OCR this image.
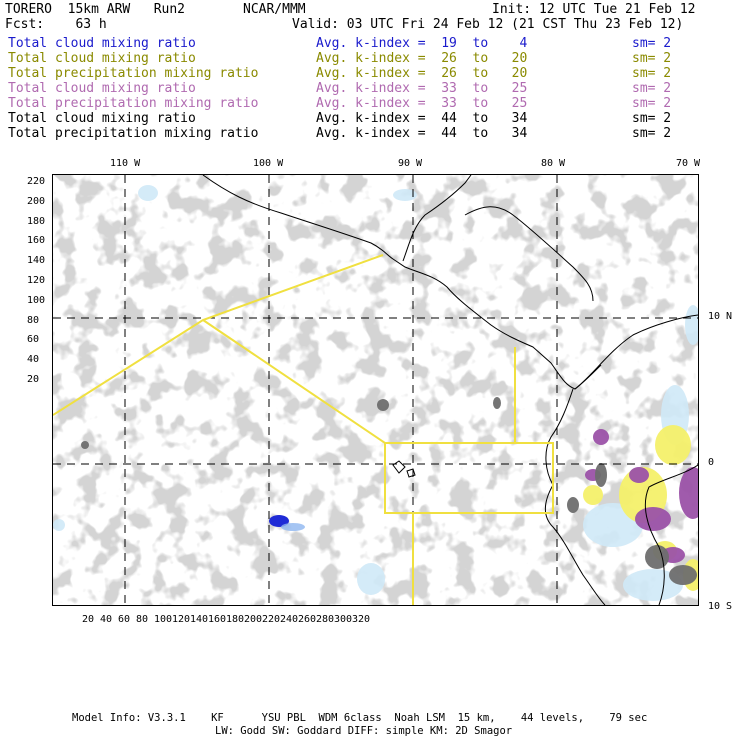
TORERO  15km ARW   Run2	NCAR/MMM	Init: 12 UTC Tue 21 Feb 12
Fcst:    63 h	Valid: 03 UTC Fri 24 Feb 12 (21 CST Thu 23 Feb 12)
Total cloud mixing ratio	Avg. k-index =  19  to    4	sm= 2
Total cloud mixing ratio	Avg. k-index =  26  to   20	sm= 2
Total precipitation mixing ratio	Avg. k-index =  26  to   20	sm= 2
Total cloud mixing ratio	Avg. k-index =  33  to   25	sm= 2
Total precipitation mixing ratio	Avg. k-index =  33  to   25	sm= 2
Total cloud mixing ratio	Avg. k-index =  44  to   34	sm= 2
Total precipitation mixing ratio	Avg. k-index =  44  to   34	sm= 2
110 W	100 W	90 W	80 W	70 W
10 N
0
10 S
220
200
180
160
140
120
100
80
60
40
20
20 40 60 80 100 120 140 160 180 200 220 240 260 280 300 320
Model Info: V3.3.1    KF      YSU PBL  WDM 6class  Noah LSM  15 km,    44 levels,    79 sec
LW: Godd SW: Goddard DIFF: simple KM: 2D Smagor
